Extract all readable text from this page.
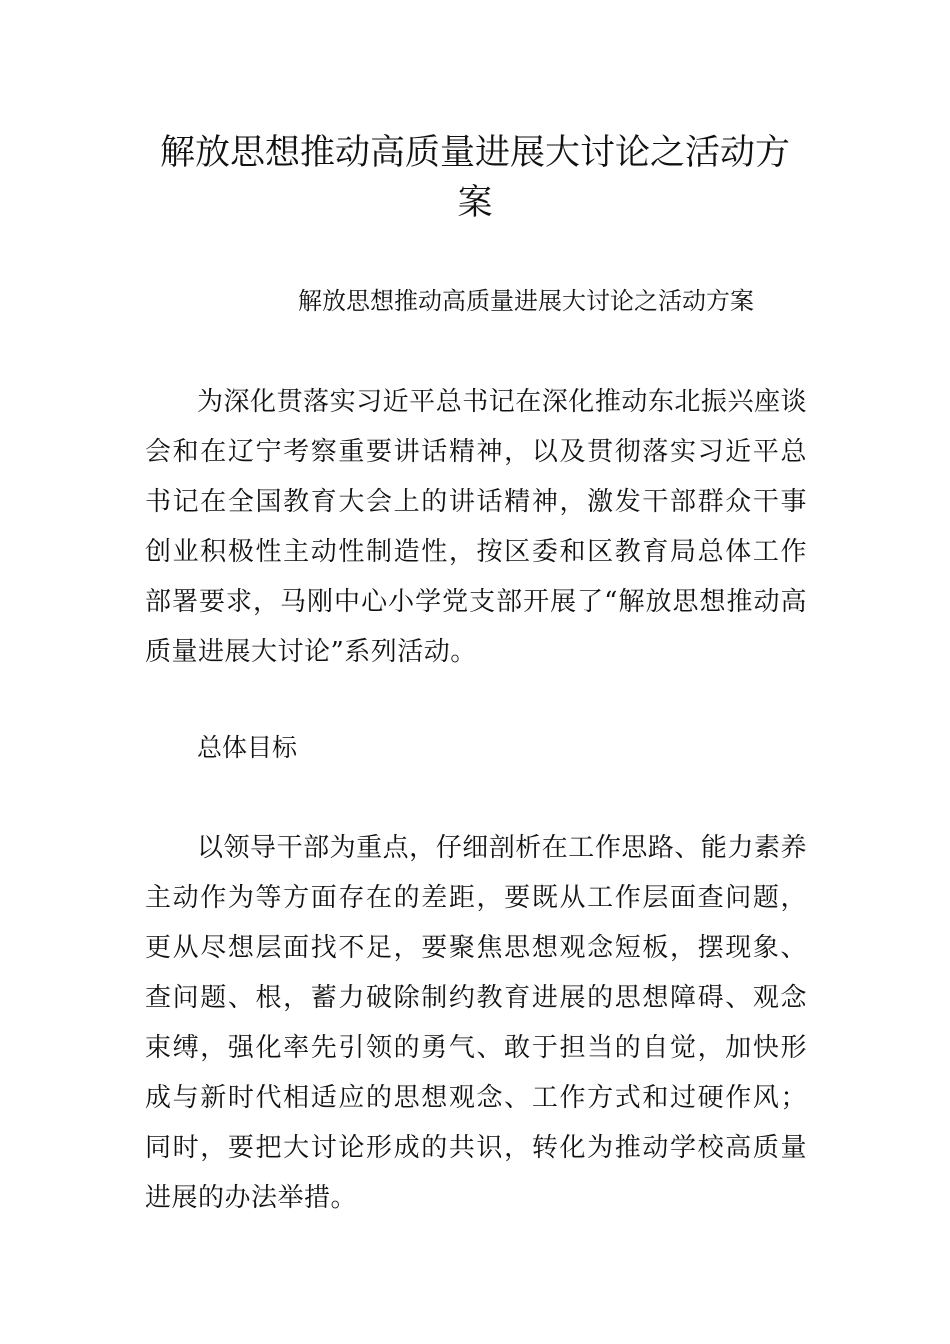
解放思想推动高质量进展大讨论之活动方案

解放思想推动高质量进展大讨论之活动方案

为深化贯落实习近平总书记在深化推动东北振兴座谈会和在辽宁考察重要讲话精神，以及贯彻落实习近平总书记在全国教育大会上的讲话精神，激发干部群众干事创业积极性主动性制造性，按区委和区教育局总体工作部署要求，马刚中心小学党支部开展了“解放思想推动高质量进展大讨论”系列活动。

总体目标

以领导干部为重点，仔细剖析在工作思路、能力素养主动作为等方面存在的差距，要既从工作层面查问题，更从尽想层面找不足，要聚焦思想观念短板，摆现象、查问题、根，蓄力破除制约教育进展的思想障碍、观念束缚，强化率先引领的勇气、敢于担当的自觉，加快形成与新时代相适应的思想观念、工作方式和过硬作风；同时，要把大讨论形成的共识，转化为推动学校高质量进展的办法举措。
